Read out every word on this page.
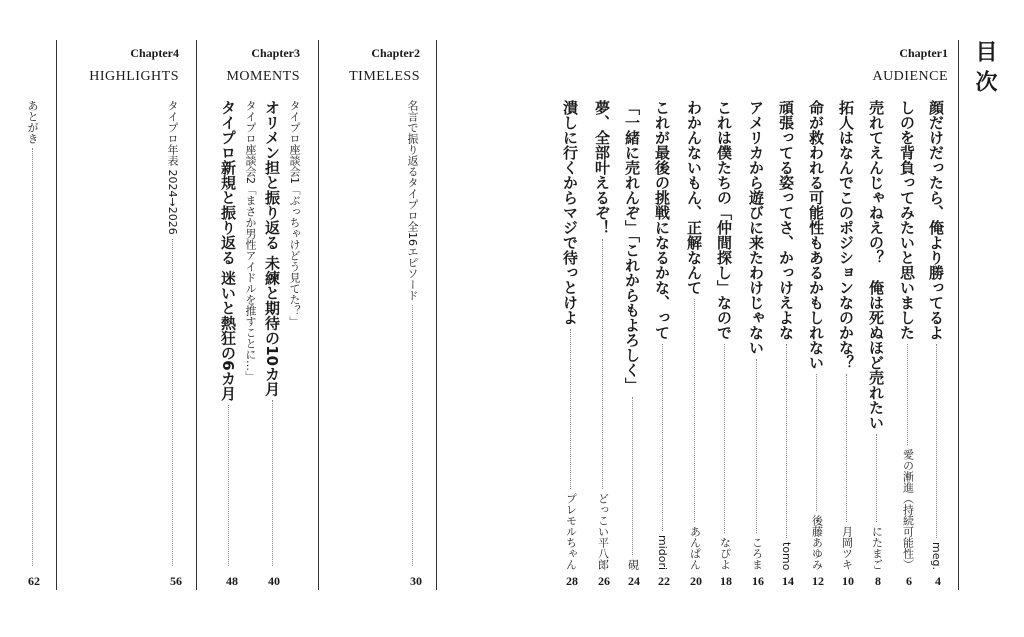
目次
Chapter1
AUDIENCE
Chapter2
TIMELESS
Chapter3
MOMENTS
Chapter4
HIGHLIGHTS
顔だけだったら、俺より勝ってるよ
meg.
しのを背負ってみたいと思いました
愛の漸進（持続可能性）
売れてえんじゃねえの？　俺は死ぬほど売れたい
にたまご
拓人はなんでこのポジションなのかな？
月岡ツキ
命が救われる可能性もあるかもしれない
後藤あゆみ
頑張ってる姿ってさ、かっけえよな
tomo
アメリカから遊びに来たわけじゃない
ころま
これは僕たちの「仲間探し」なので
なぴよ
わかんないもん、正解なんて
あんぱん
これが最後の挑戦になるかな、って
midori
「一緒に売れんぞ」「これからもよろしく」
硯
夢、全部叶えるぞ！
どっこい平八郎
潰しに行くからマジで待っとけよ
プレモルちゃん
名言で振り返るタイプロ全16エピソード
タイプロ座談会1「ぶっちゃけどう見てた？」
オリメン担と振り返る 未練と期待の10カ月
タイプロ座談会2「まさか男性アイドルを推すことに…」
タイプロ新規と振り返る 迷いと熱狂の6カ月
タイプロ年表 2024→2026
あとがき
4
6
8
10
12
14
16
18
20
22
24
26
28
30
40
48
56
62
